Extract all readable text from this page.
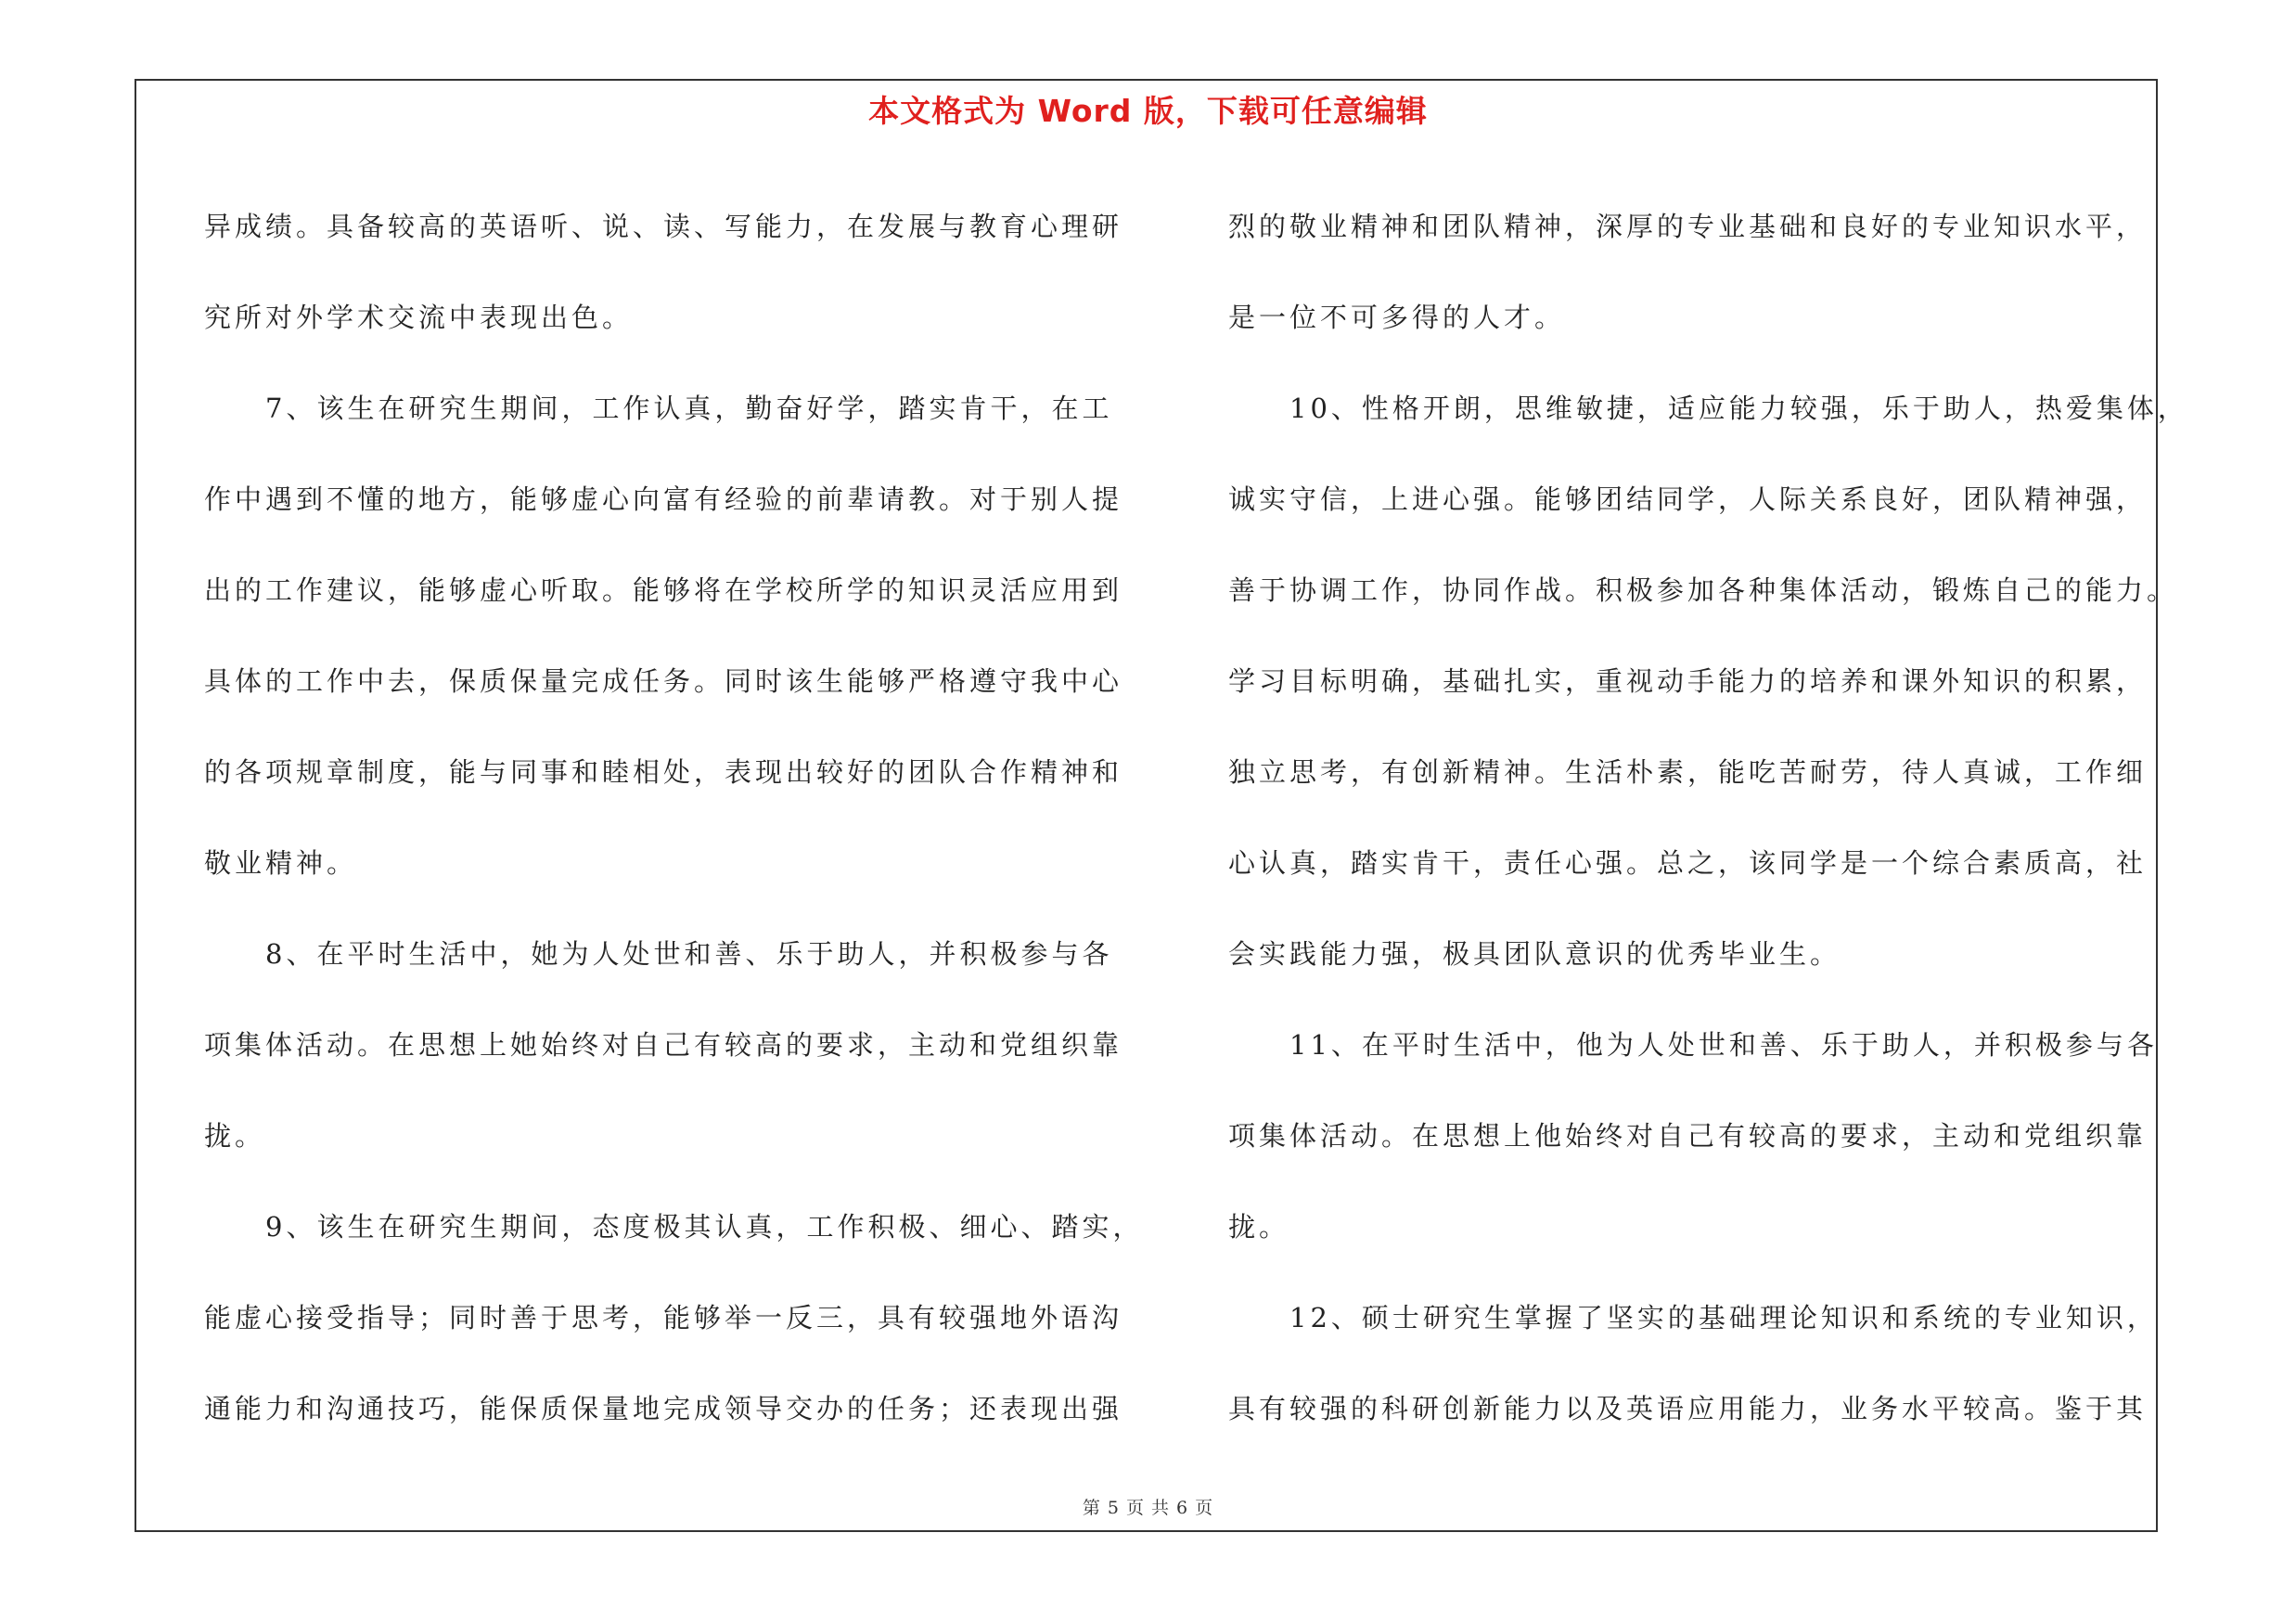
本文格式为 Word 版，下载可任意编辑
异成绩。具备较高的英语听、说、读、写能力，在发展与教育心理研
究所对外学术交流中表现出色。
　　7、该生在研究生期间，工作认真，勤奋好学，踏实肯干，在工
作中遇到不懂的地方，能够虚心向富有经验的前辈请教。对于别人提
出的工作建议，能够虚心听取。能够将在学校所学的知识灵活应用到
具体的工作中去，保质保量完成任务。同时该生能够严格遵守我中心
的各项规章制度，能与同事和睦相处，表现出较好的团队合作精神和
敬业精神。
　　8、在平时生活中，她为人处世和善、乐于助人，并积极参与各
项集体活动。在思想上她始终对自己有较高的要求，主动和党组织靠
拢。
　　9、该生在研究生期间，态度极其认真，工作积极、细心、踏实，
能虚心接受指导；同时善于思考，能够举一反三，具有较强地外语沟
通能力和沟通技巧，能保质保量地完成领导交办的任务；还表现出强
烈的敬业精神和团队精神，深厚的专业基础和良好的专业知识水平，
是一位不可多得的人才。
　　10、性格开朗，思维敏捷，适应能力较强，乐于助人，热爱集体，
诚实守信，上进心强。能够团结同学，人际关系良好，团队精神强，
善于协调工作，协同作战。积极参加各种集体活动，锻炼自己的能力。
学习目标明确，基础扎实，重视动手能力的培养和课外知识的积累，
独立思考，有创新精神。生活朴素，能吃苦耐劳，待人真诚，工作细
心认真，踏实肯干，责任心强。总之，该同学是一个综合素质高，社
会实践能力强，极具团队意识的优秀毕业生。
　　11、在平时生活中，他为人处世和善、乐于助人，并积极参与各
项集体活动。在思想上他始终对自己有较高的要求，主动和党组织靠
拢。
　　12、硕士研究生掌握了坚实的基础理论知识和系统的专业知识，
具有较强的科研创新能力以及英语应用能力，业务水平较高。鉴于其
第 5 页 共 6 页
